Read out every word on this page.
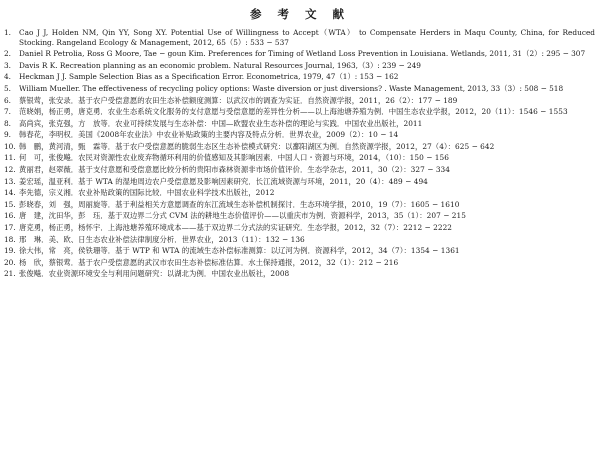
参 考 文 献
1.	Cao J J, Holden NM, Qin YY, Song XY. Potential Use of Willingness to Accept（WTA） to Compensate Herders in Maqu County, China, for Reduced Stocking. Rangeland Ecology & Management, 2012, 65（5）: 533 − 537
2.	Daniel R Petrolia, Ross G Moore, Tae − goun Kim. Preferences for Timing of Wetland Loss Prevention in Louisiana. Wetlands, 2011, 31（2）: 295 − 307
3.	Davis R K. Recreation planning as an economic problem. Natural Resources Journal, 1963,（3）: 239 − 249
4.	Heckman J J. Sample Selection Bias as a Specification Error. Econometrica, 1979, 47（1）: 153 − 162
5.	William Mueller. The effectiveness of recycling policy options: Waste diversion or just diversions? . Waste Management, 2013, 33（3）: 508 − 518
6.	蔡银莺，张安录．基于农户受偿意愿的农田生态补偿额度测算：以武汉市的调查为实证．自然资源学报，2011，26（2）：177 − 189
7.	范晓娟，杨正勇，唐克勇．农业生态系统文化服务的支付意愿与受偿意愿的差异性分析——以上海池塘养殖为例．中国生态农业学报，2012，20（11）：1546 − 1553
8.	高尚宾，张克强，方　放等．农业可持续发展与生态补偿：中国—欧盟农业生态补偿的理论与实践．中国农业出版社，2011
9.	韩春花，李明权．美国《2008年农业法》中农业补贴政策的主要内容及特点分析．世界农业，2009（2）：10 − 14
10. 韩　鹏，黄河清，甄　霖等．基于农户受偿意愿的脆弱生态区生态补偿模式研究：以鄱阳湖区为例．自然资源学报，2012，27（4）：625 − 642
11. 何　可，张俊飚．农民对资源性农业废弃物循环利用的价值感知及其影响因素．中国人口・资源与环境，2014，（10）：150 − 156
12. 黄丽君，赵翠薇．基于支付意愿和受偿意愿比较分析的贵阳市森林资源非市场价值评价．生态学杂志，2011，30（2）：327 − 334
13. 姜宏瑶，温亚利．基于 WTA 的湿地周边农户受偿意愿及影响因素研究．长江流域资源与环境，2011，20（4）：489 − 494
14. 李先德，宗义湘．农业补贴政策的国际比较．中国农业科学技术出版社，2012
15. 彭晓春，刘　强，周丽旋等．基于利益相关方意愿调查的东江流域生态补偿机制探讨．生态环境学报，2010，19（7）：1605 − 1610
16. 唐　建，沈田华，彭　珏．基于双边界二分式 CVM 法的耕地生态价值评价——以重庆市为例．资源科学，2013，35（1）：207 − 215
17. 唐克勇，杨正勇，杨怀宇．上海池塘养殖环境成本——基于双边界二分式法的实证研究．生态学报，2012，32（7）：2212 − 2222
18. 邢　琳．美、欧、日生态农业补偿法律制度分析．世界农业，2013（11）：132 − 136
19. 徐大伟，常　亮，侯铁珊等．基于 WTP 和 WTA 的流域生态补偿标准测算：以辽河为例．资源科学，2012，34（7）：1354 − 1361
20. 杨　欣，蔡银莺．基于农户受偿意愿的武汉市农田生态补偿标准估算．水土保持通报，2012，32（1）：212 − 216
21. 张俊飚．农业资源环境安全与利用问题研究：以湖北为例．中国农业出版社，2008
